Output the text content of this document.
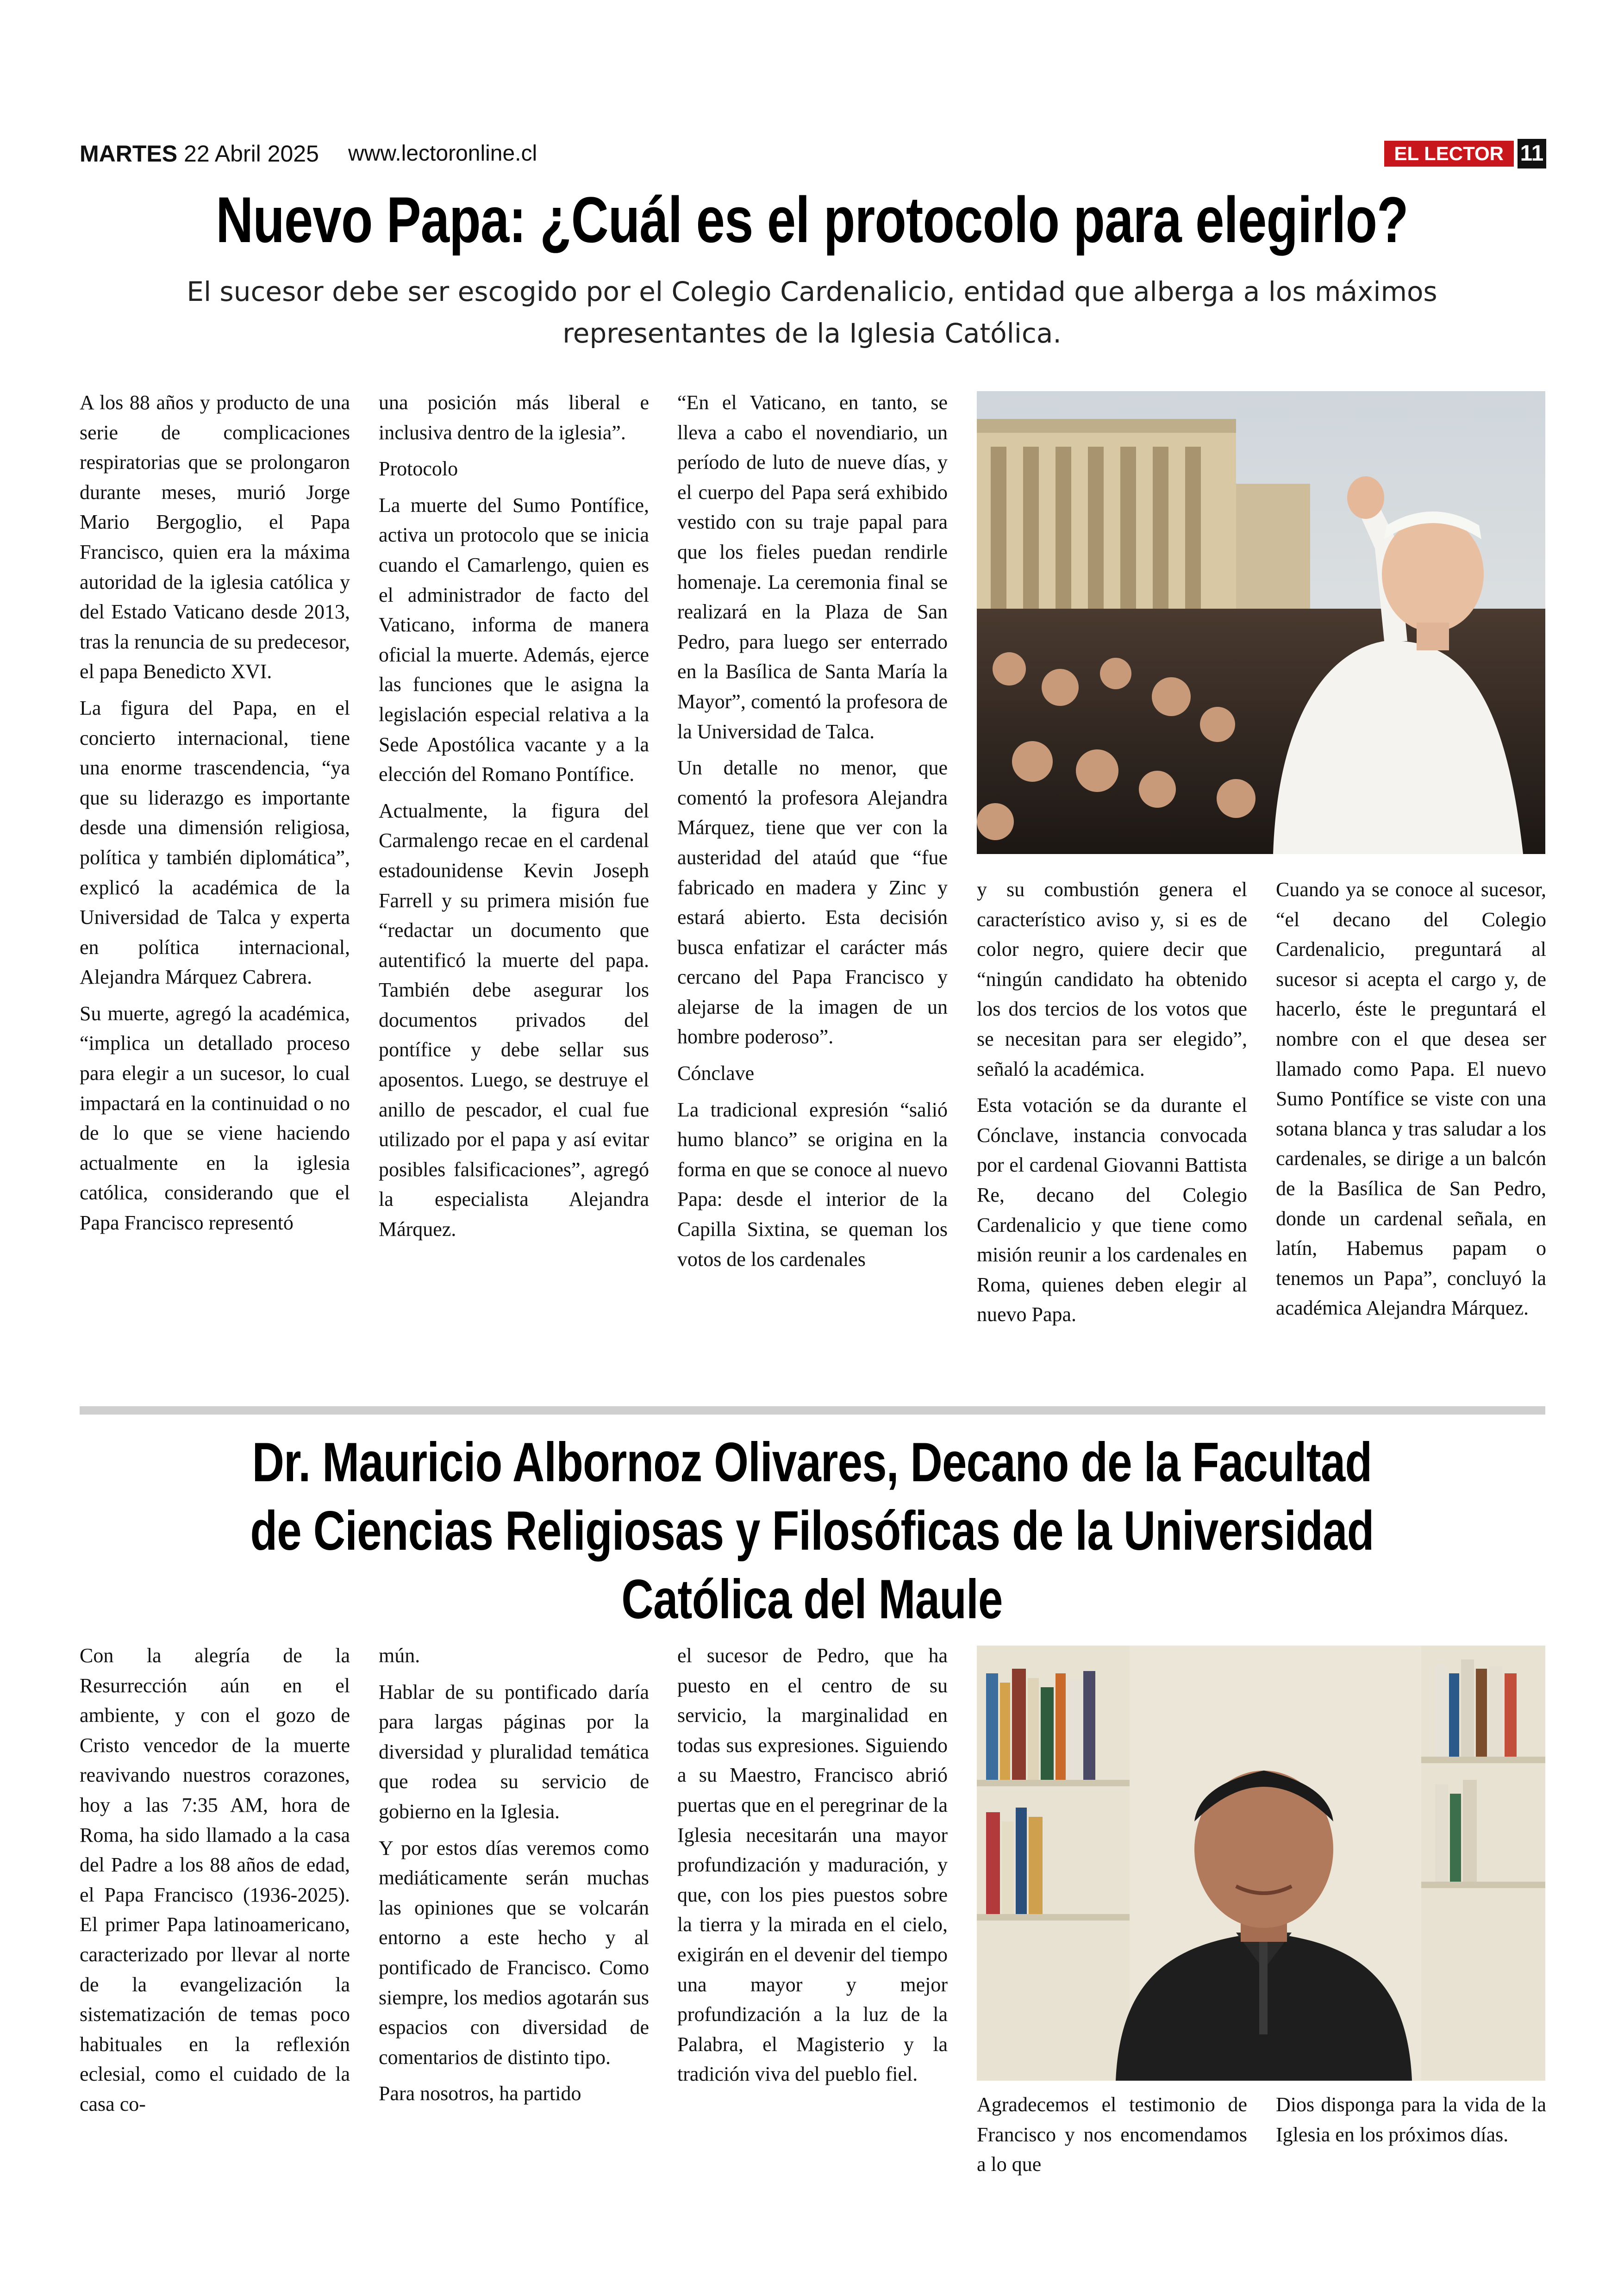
MARTES 22 Abril 2025 www.lectoronline.cl	EL LECTOR 11
Nuevo Papa: ¿Cuál es el protocolo para elegirlo?
El sucesor debe ser escogido por el Colegio Cardenalicio, entidad que alberga a los máximos representantes de la Iglesia Católica.

A los 88 años y producto de una serie de complicaciones respiratorias que se prolongaron durante meses, murió Jorge Mario Bergoglio, el Papa Francisco, quien era la máxima autoridad de la iglesia católica y del Estado Vaticano desde 2013, tras la renuncia de su predecesor, el papa Benedicto XVI.

La figura del Papa, en el concierto internacional, tiene una enorme trascendencia, “ya que su liderazgo es importante desde una dimensión religiosa, política y también diplomática”, explicó la académica de la Universidad de Talca y experta en política internacional, Alejandra Márquez Cabrera.

Su muerte, agregó la académica, “implica un detallado proceso para elegir a un sucesor, lo cual impactará en la continuidad o no de lo que se viene haciendo actualmente en la iglesia católica, considerando que el Papa Francisco representó

una posición más liberal e inclusiva dentro de la iglesia”.

Protocolo

La muerte del Sumo Pontífice, activa un protocolo que se inicia cuando el Camarlengo, quien es el administrador de facto del Vaticano, informa de manera oficial la muerte. Además, ejerce las funciones que le asigna la legislación especial relativa a la Sede Apostólica vacante y a la elección del Romano Pontífice.

Actualmente, la figura del Carmalengo recae en el cardenal estadounidense Kevin Joseph Farrell y su primera misión fue “redactar un documento que autentificó la muerte del papa. También debe asegurar los documentos privados del pontífice y debe sellar sus aposentos. Luego, se destruye el anillo de pescador, el cual fue utilizado por el papa y así evitar posibles falsificaciones”, agregó la especialista Alejandra Márquez.

“En el Vaticano, en tanto, se lleva a cabo el novendiario, un período de luto de nueve días, y el cuerpo del Papa será exhibido vestido con su traje papal para que los fieles puedan rendirle homenaje. La ceremonia final se realizará en la Plaza de San Pedro, para luego ser enterrado en la Basílica de Santa María la Mayor”, comentó la profesora de la Universidad de Talca.

Un detalle no menor, que comentó la profesora Alejandra Márquez, tiene que ver con la austeridad del ataúd que “fue fabricado en madera y Zinc y estará abierto. Esta decisión busca enfatizar el carácter más cercano del Papa Francisco y alejarse de la imagen de un hombre poderoso”.

Cónclave

La tradicional expresión “salió humo blanco” se origina en la forma en que se conoce al nuevo Papa: desde el interior de la Capilla Sixtina, se queman los votos de los cardenales

y su combustión genera el característico aviso y, si es de color negro, quiere decir que “ningún candidato ha obtenido los dos tercios de los votos que se necesitan para ser elegido”, señaló la académica.

Esta votación se da durante el Cónclave, instancia convocada por el cardenal Giovanni Battista Re, decano del Colegio Cardenalicio y que tiene como misión reunir a los cardenales en Roma, quienes deben elegir al nuevo Papa.

Cuando ya se conoce al sucesor, “el decano del Colegio Cardenalicio, preguntará al sucesor si acepta el cargo y, de hacerlo, éste le preguntará el nombre con el que desea ser llamado como Papa. El nuevo Sumo Pontífice se viste con una sotana blanca y tras saludar a los cardenales, se dirige a un balcón de la Basílica de San Pedro, donde un cardenal señala, en latín, Habemus papam o tenemos un Papa”, concluyó la académica Alejandra Márquez.

Dr. Mauricio Albornoz Olivares, Decano de la Facultad de Ciencias Religiosas y Filosóficas de la Universidad Católica del Maule

Con la alegría de la Resurrección aún en el ambiente, y con el gozo de Cristo vencedor de la muerte reavivando nuestros corazones, hoy a las 7:35 AM, hora de Roma, ha sido llamado a la casa del Padre a los 88 años de edad, el Papa Francisco (1936-2025). El primer Papa latinoamericano, caracterizado por llevar al norte de la evangelización la sistematización de temas poco habituales en la reflexión eclesial, como el cuidado de la casa co-

mún.

Hablar de su pontificado daría para largas páginas por la diversidad y pluralidad temática que rodea su servicio de gobierno en la Iglesia.

Y por estos días veremos como mediáticamente serán muchas las opiniones que se volcarán entorno a este hecho y al pontificado de Francisco. Como siempre, los medios agotarán sus espacios con diversidad de comentarios de distinto tipo.

Para nosotros, ha partido

el sucesor de Pedro, que ha puesto en el centro de su servicio, la marginalidad en todas sus expresiones. Siguiendo a su Maestro, Francisco abrió puertas que en el peregrinar de la Iglesia necesitarán una mayor profundización y maduración, y que, con los pies puestos sobre la tierra y la mirada en el cielo, exigirán en el devenir del tiempo una mayor y mejor profundización a la luz de la Palabra, el Magisterio y la tradición viva del pueblo fiel.

Agradecemos el testimonio de Francisco y nos encomendamos a lo que

Dios disponga para la vida de la Iglesia en los próximos días.
